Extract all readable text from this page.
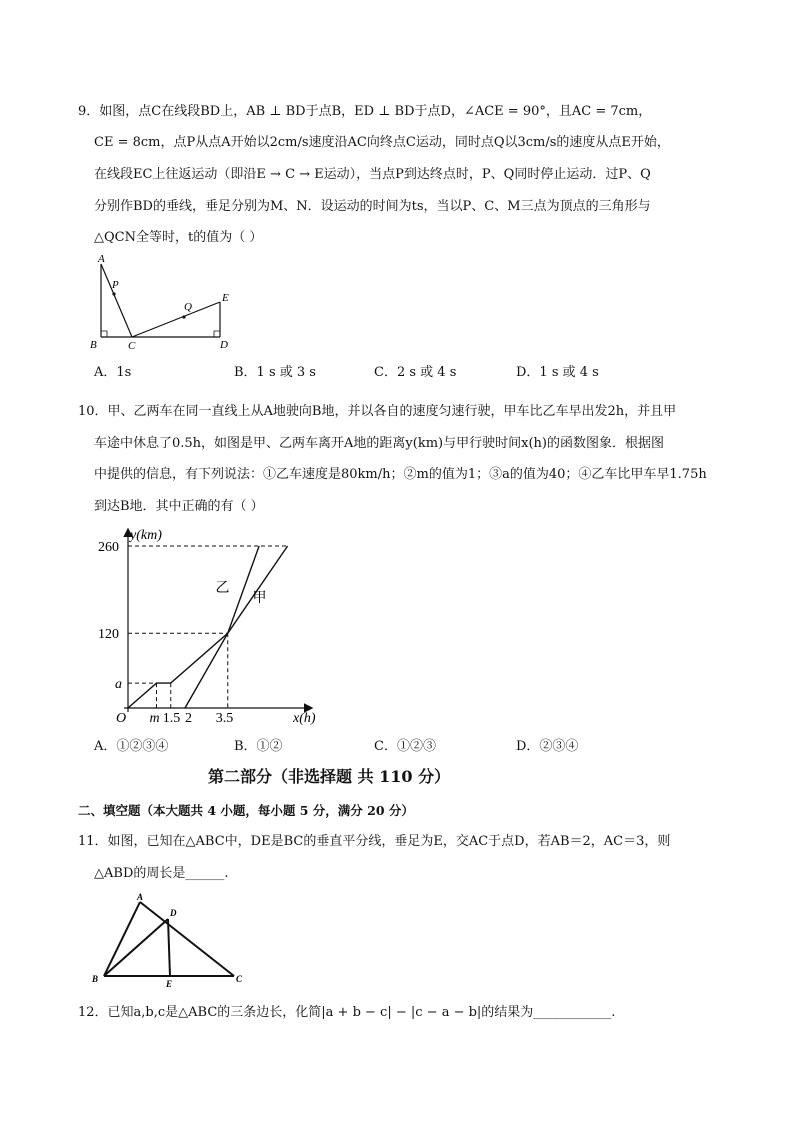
9．如图，点C在线段BD上，AB ⊥ BD于点B，ED ⊥ BD于点D，∠ACE = 90°，且AC = 7cm，
CE = 8cm，点P从点A开始以2cm/s速度沿AC向终点C运动，同时点Q以3cm/s的速度从点E开始，
在线段EC上往返运动（即沿E → C → E运动），当点P到达终点时，P、Q同时停止运动．过P、Q
分别作BD的垂线，垂足分别为M、N．设运动的时间为ts，当以P、C、M三点为顶点的三角形与
△QCN全等时，t的值为（ ）
A
P
Q
E
B	C	D
A．1s	B．1 s 或 3 s	C．2 s 或 4 s	D．1 s 或 4 s
10．甲、乙两车在同一直线上从A地驶向B地，并以各自的速度匀速行驶，甲车比乙车早出发2h，并且甲
车途中休息了0.5h，如图是甲、乙两车离开A地的距离y(km)与甲行驶时间x(h)的函数图象．根据图
中提供的信息，有下列说法：①乙车速度是80km/h；②m的值为1；③a的值为40；④乙车比甲车早1.75h
到达B地．其中正确的有（ ）
260
120
a
O m 1.5 2 3.5
y(km)
x(h)
乙
甲
A．①②③④	B．①②	C．①②③	D．②③④
第二部分（非选择题 共 110 分）
二、填空题（本大题共 4 小题，每小题 5 分，满分 20 分）
11．如图，已知在△ABC中，DE是BC的垂直平分线，垂足为E，交AC于点D，若AB＝2，AC＝3，则
△ABD的周长是______.
A
D
B	E	C
12．已知a,b,c是△ABC的三条边长，化简|a + b − c| − |c − a − b|的结果为____________.
